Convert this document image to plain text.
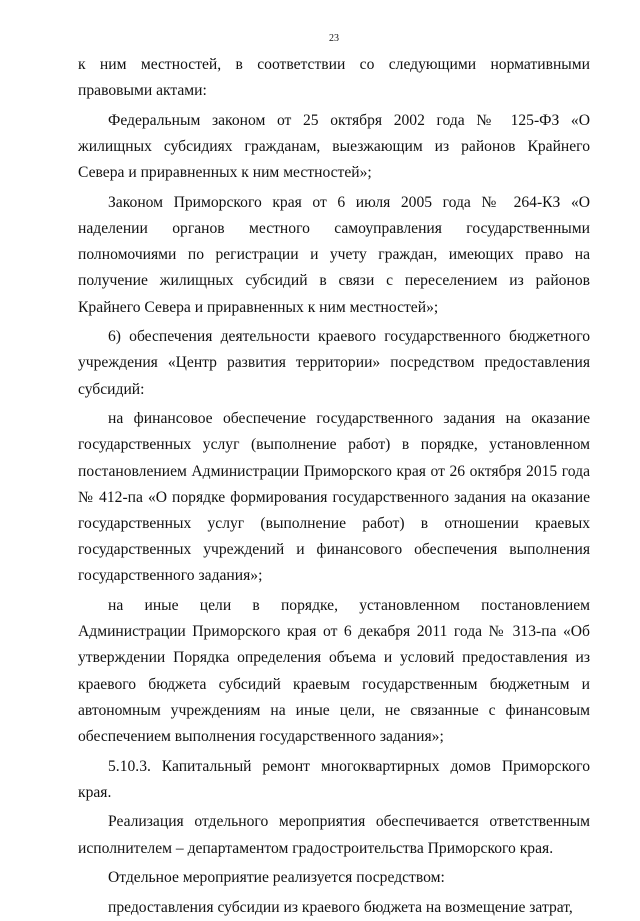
23

к ним местностей, в соответствии со следующими нормативными правовыми актами:

Федеральным законом от 25 октября 2002 года № 125-ФЗ «О жилищных субсидиях гражданам, выезжающим из районов Крайнего Севера и приравненных к ним местностей»;

Законом Приморского края от 6 июля 2005 года № 264-КЗ «О наделении органов местного самоуправления государственными полномочиями по регистрации и учету граждан, имеющих право на получение жилищных субсидий в связи с переселением из районов Крайнего Севера и приравненных к ним местностей»;

6) обеспечения деятельности краевого государственного бюджетного учреждения «Центр развития территории» посредством предоставления субсидий:

на финансовое обеспечение государственного задания на оказание государственных услуг (выполнение работ) в порядке, установленном постановлением Администрации Приморского края от 26 октября 2015 года № 412-па «О порядке формирования государственного задания на оказание государственных услуг (выполнение работ) в отношении краевых государственных учреждений и финансового обеспечения выполнения государственного задания»;

на иные цели в порядке, установленном постановлением Администрации Приморского края от 6 декабря 2011 года № 313-па «Об утверждении Порядка определения объема и условий предоставления из краевого бюджета субсидий краевым государственным бюджетным и автономным учреждениям на иные цели, не связанные с финансовым обеспечением выполнения государственного задания»;

5.10.3. Капитальный ремонт многоквартирных домов Приморского края.

Реализация отдельного мероприятия обеспечивается ответственным исполнителем – департаментом градостроительства Приморского края.

Отдельное мероприятие реализуется посредством:

предоставления субсидии из краевого бюджета на возмещение затрат,
